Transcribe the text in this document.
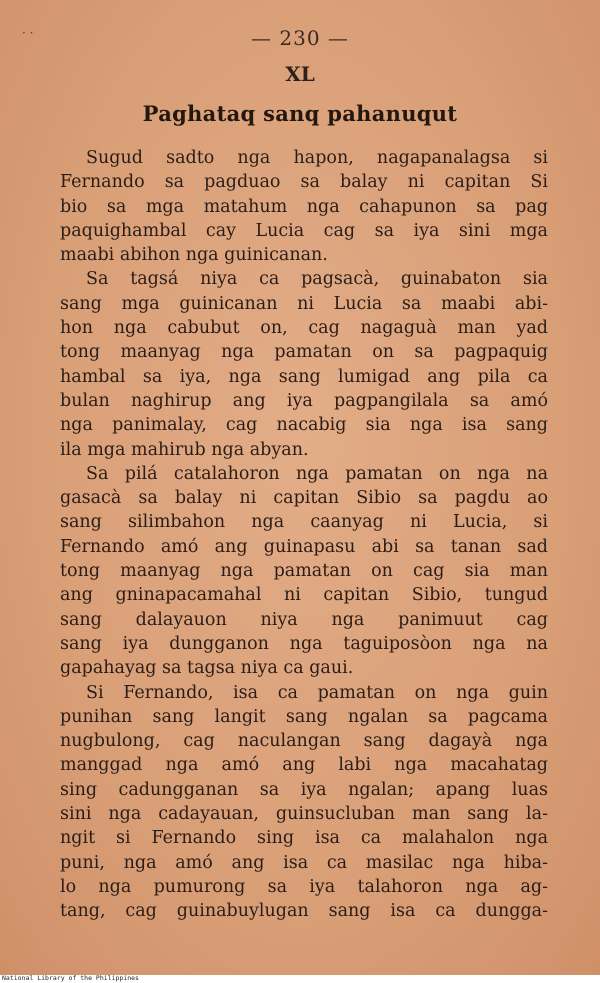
· ·	— 230 —
XL
Paghataq sanq pahanuqut
Sugud sadto nga hapon, nagapanalagsa si
Fernando sa pagduao sa balay ni capitan Si
bio sa mga matahum nga cahapunon sa pag
paquighambal cay Lucia cag sa iya sini mga
maabi abihon nga guinicanan.
Sa tagsá niya ca pagsacà, guinabaton sia
sang mga guinicanan ni Lucia sa maabi abi-
hon nga cabubut on, cag nagaguà man yad
tong maanyag nga pamatan on sa pagpaquig
hambal sa iya, nga sang lumigad ang pila ca
bulan naghirup ang iya pagpangilala sa amó
nga panimalay, cag nacabig sia nga isa sang
ila mga mahirub nga abyan.
Sa pilá catalahoron nga pamatan on nga na
gasacà sa balay ni capitan Sibio sa pagdu ao
sang silimbahon nga caanyag ni Lucia, si
Fernando amó ang guinapasu abi sa tanan sad
tong maanyag nga pamatan on cag sia man
ang gninapacamahal ni capitan Sibio, tungud
sang dalayauon niya nga panimuut cag
sang iya dungganon nga taguiposòon nga na
gapahayag sa tagsa niya ca gaui.
Si Fernando, isa ca pamatan on nga guin
punihan sang langit sang ngalan sa pagcama
nugbulong, cag naculangan sang dagayà nga
manggad nga amó ang labi nga macahatag
sing cadungganan sa iya ngalan; apang luas
sini nga cadayauan, guinsucluban man sang la-
ngit si Fernando sing isa ca malahalon nga
puni, nga amó ang isa ca masilac nga hiba-
lo nga pumurong sa iya talahoron nga ag-
tang, cag guinabuylugan sang isa ca dungga-
National Library of the Philippines
